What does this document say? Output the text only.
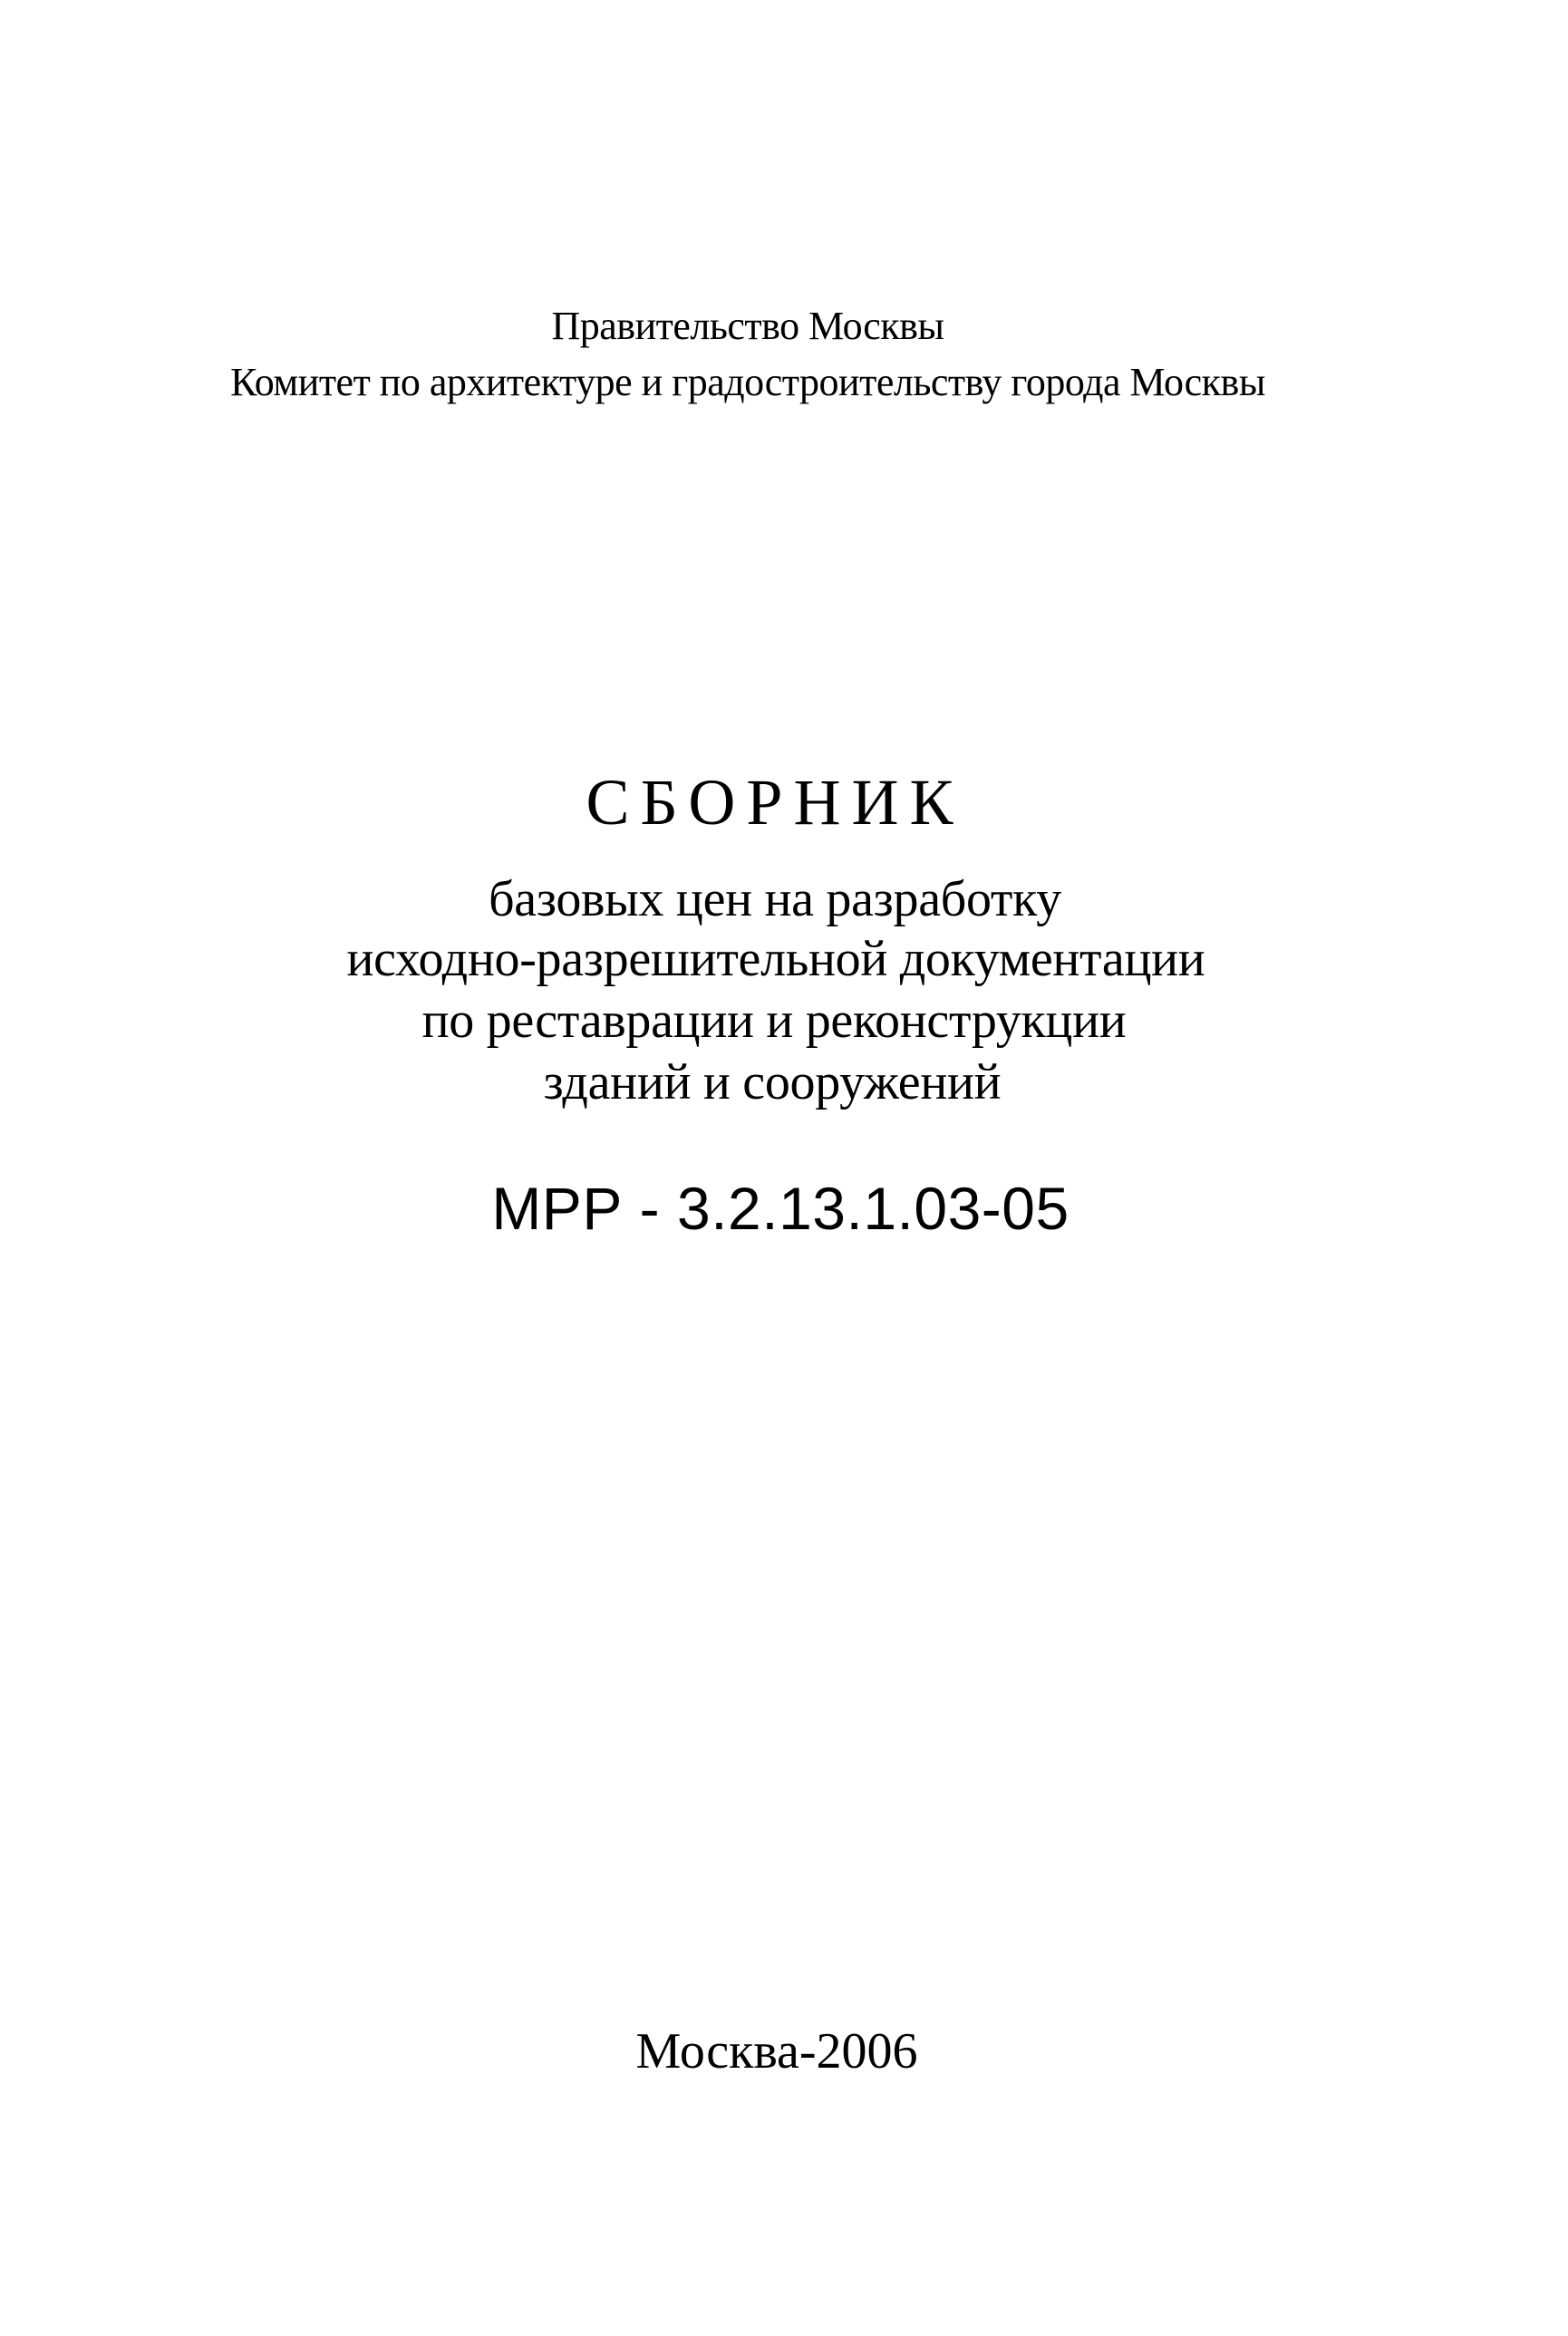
Правительство Москвы
Комитет по архитектуре и градостроительству города Москвы
СБОРНИК
базовых цен на разработку
исходно-разрешительной документации
по реставрации и реконструкции
зданий и сооружений
МРР - 3.2.13.1.03-05
Москва-2006
